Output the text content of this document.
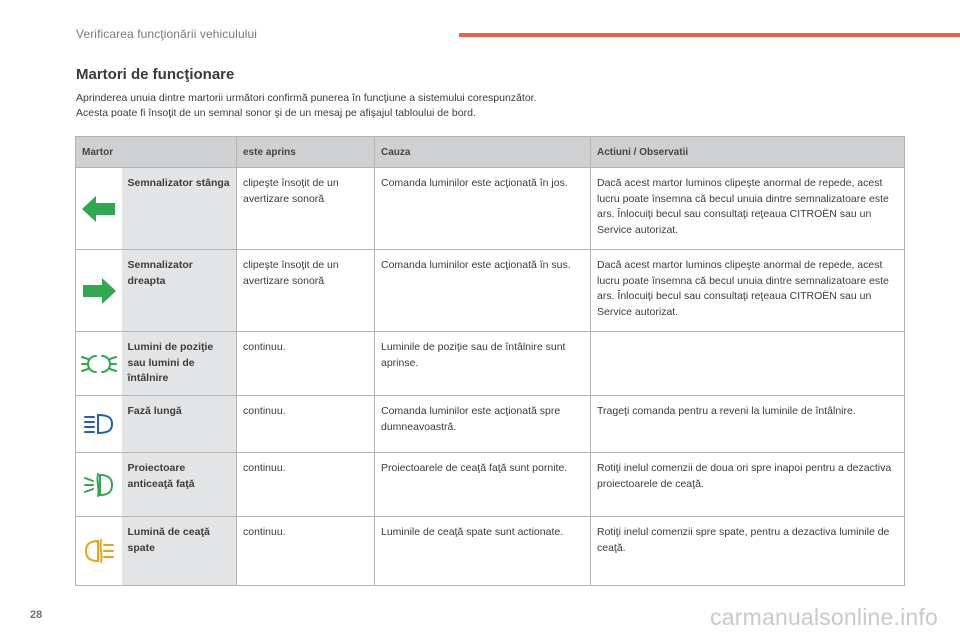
Verificarea funcţionării vehiculului
Martori de funcţionare
Aprinderea unuia dintre martorii următori confirmă punerea în funcţiune a sistemului corespunzător.
Acesta poate fi însoţit de un semnal sonor şi de un mesaj pe afişajul tabloului de bord.
Martor		este aprins	Cauza	Actiuni / Observatii
	Semnalizator stânga	clipeşte însoţit de un avertizare sonoră	Comanda luminilor este acţionată în jos.	Dacă acest martor luminos clipeşte anormal de repede, acest lucru poate însemna că becul unuia dintre semnalizatoare este ars. Înlocuiţi becul sau consultaţi reţeaua CITROËN sau un Service autorizat.
	Semnalizator dreapta	clipeşte însoţit de un avertizare sonoră	Comanda luminilor este acţionată în sus.	Dacă acest martor luminos clipeşte anormal de repede, acest lucru poate însemna că becul unuia dintre semnalizatoare este ars. Înlocuiţi becul sau consultaţi reţeaua CITROËN sau un Service autorizat.
	Lumini de poziţie sau lumini de întâlnire	continuu.	Luminile de poziţie sau de întâlnire sunt aprinse.	
	Fază lungă	continuu.	Comanda luminilor este acţionată spre dumneavoastră.	Trageţi comanda pentru a reveni la luminile de întâlnire.
	Proiectoare anticeaţă faţă	continuu.	Proiectoarele de ceaţă faţă sunt pornite.	Rotiţi inelul comenzii de doua ori spre inapoi pentru a dezactiva proiectoarele de ceaţă.
	Lumină de ceaţă spate	continuu.	Luminile de ceaţă spate sunt actionate.	Rotiţi inelul comenzii spre spate, pentru a dezactiva luminile de ceaţă.
28	carmanualsonline.info
